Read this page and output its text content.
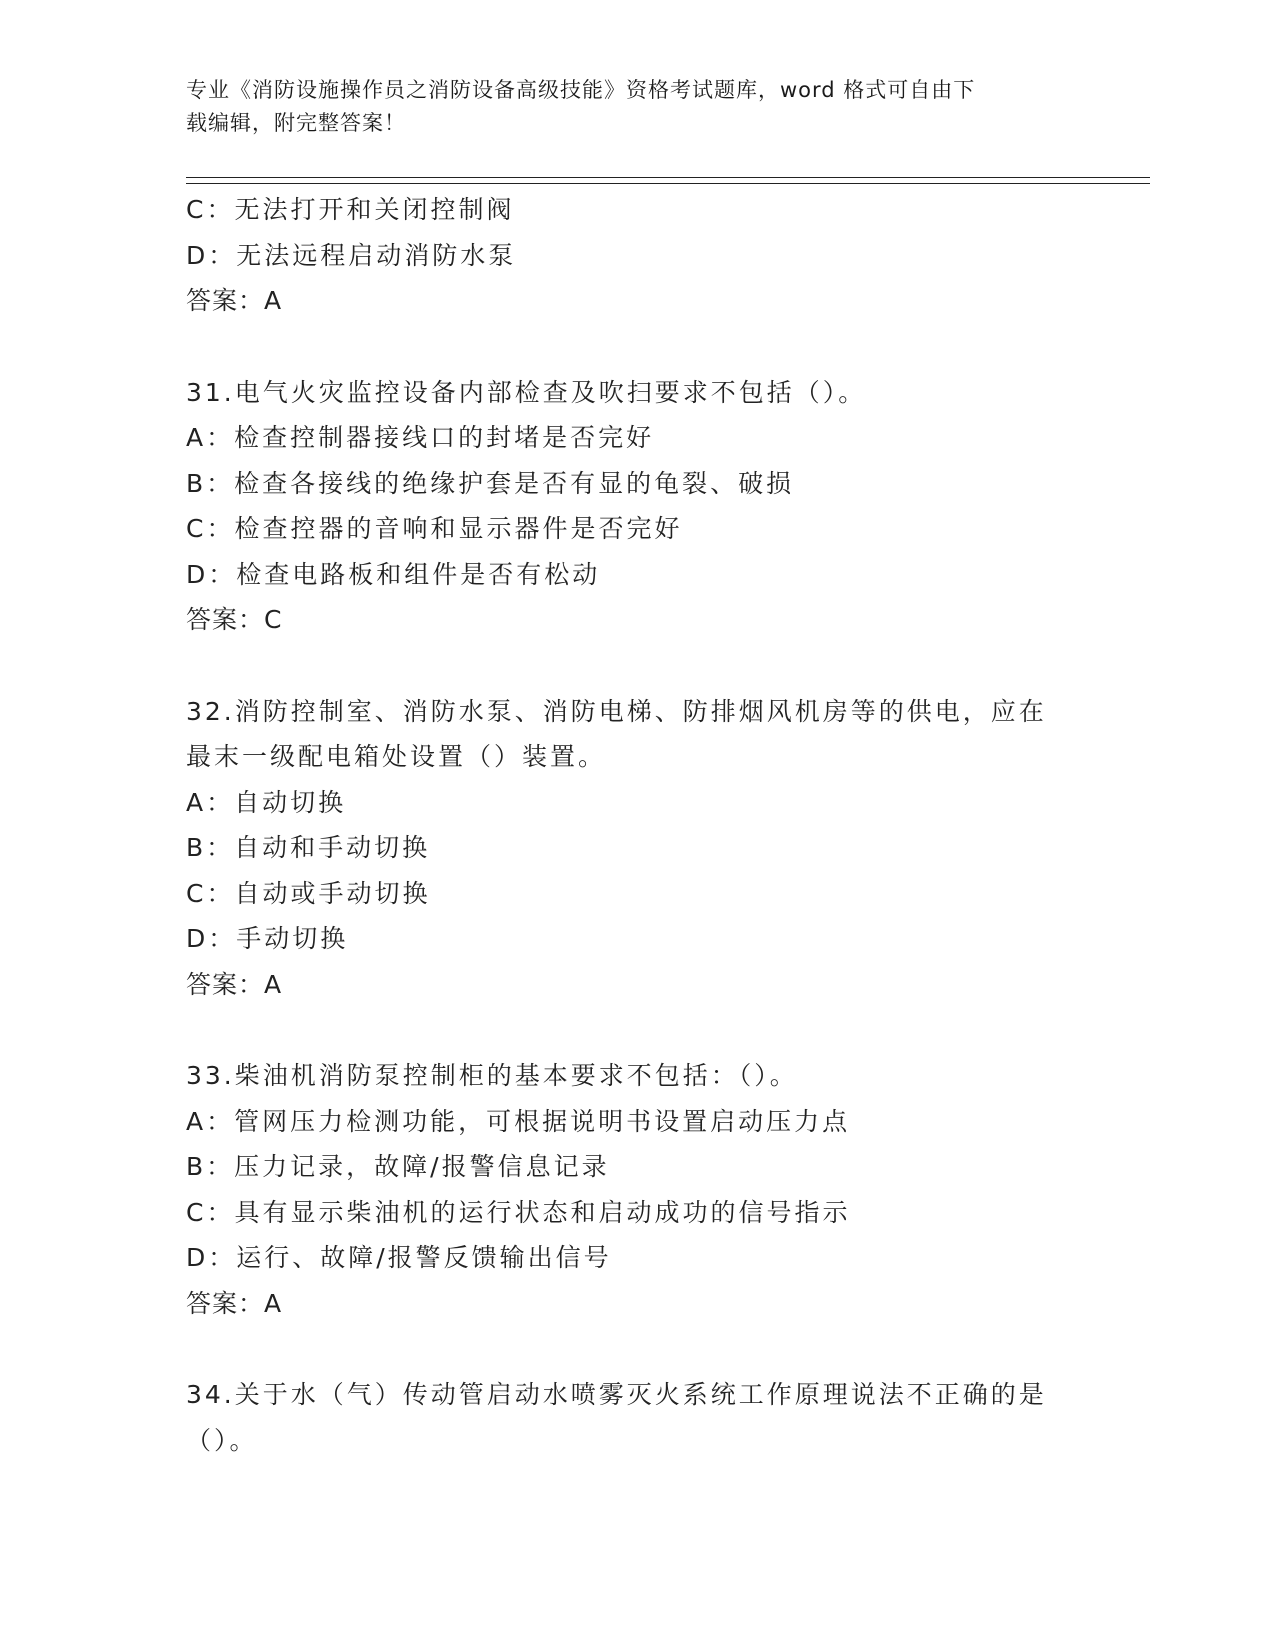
专业《消防设施操作员之消防设备高级技能》资格考试题库，word 格式可自由下
载编辑，附完整答案！
C：无法打开和关闭控制阀
D：无法远程启动消防水泵
答案：A
31.电气火灾监控设备内部检查及吹扫要求不包括（）。
A：检查控制器接线口的封堵是否完好
B：检查各接线的绝缘护套是否有显的龟裂、破损
C：检查控器的音响和显示器件是否完好
D：检查电路板和组件是否有松动
答案：C
32.消防控制室、消防水泵、消防电梯、防排烟风机房等的供电，应在
最末一级配电箱处设置（）装置。
A：自动切换
B：自动和手动切换
C：自动或手动切换
D：手动切换
答案：A
33.柴油机消防泵控制柜的基本要求不包括：（）。
A：管网压力检测功能，可根据说明书设置启动压力点
B：压力记录，故障/报警信息记录
C：具有显示柴油机的运行状态和启动成功的信号指示
D：运行、故障/报警反馈输出信号
答案：A
34.关于水（气）传动管启动水喷雾灭火系统工作原理说法不正确的是
（）。
